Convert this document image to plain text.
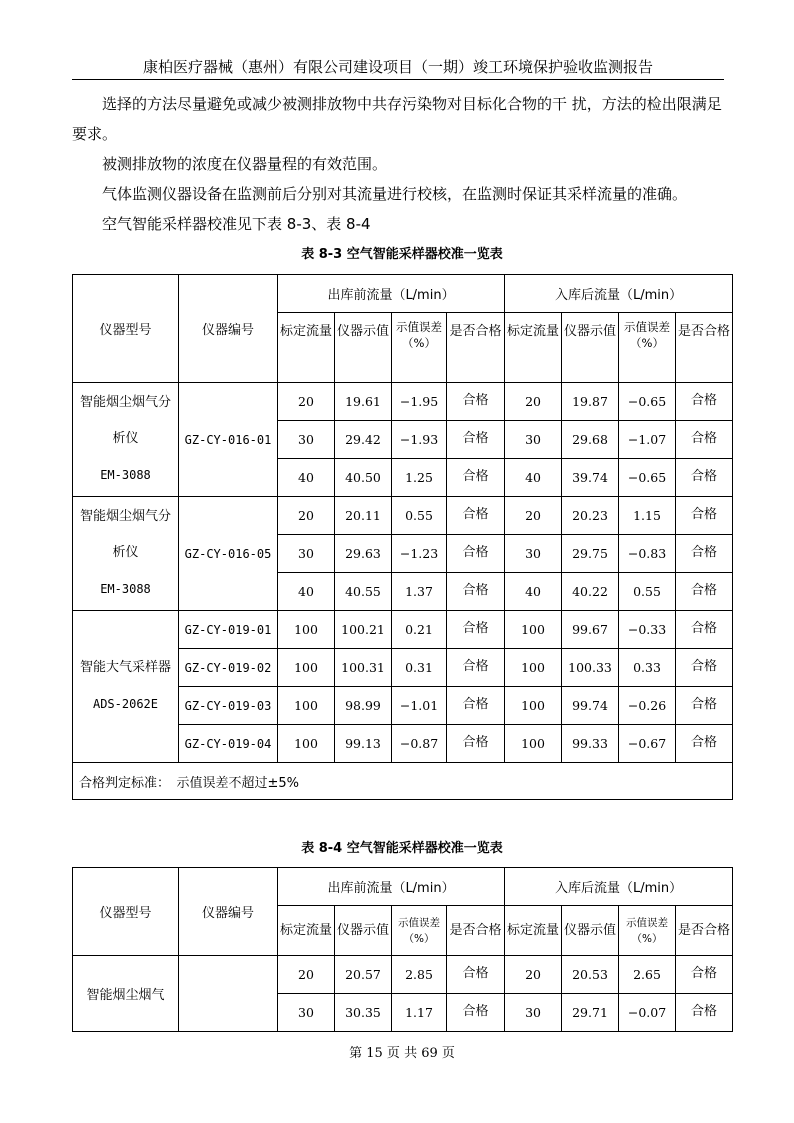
康柏医疗器械（惠州）有限公司建设项目（一期）竣工环境保护验收监测报告

选择的方法尽量避免或减少被测排放物中共存污染物对目标化合物的干 扰，方法的检出限满足要求。

被测排放物的浓度在仪器量程的有效范围。

气体监测仪器设备在监测前后分别对其流量进行校核，在监测时保证其采样流量的准确。

空气智能采样器校准见下表 8-3、表 8-4

表 8-3 空气智能采样器校准一览表
仪器型号	仪器编号	出库前流量（L/min）				入库后流量（L/min）			
		标定流量	仪器示值	示值误差（%）	是否合格	标定流量	仪器示值	示值误差（%）	是否合格
智能烟尘烟气分析仪
EM-3088	GZ-CY-016-01	20	19.61	−1.95	合格	20	19.87	−0.65	合格
		30	29.42	−1.93	合格	30	29.68	−1.07	合格
		40	40.50	1.25	合格	40	39.74	−0.65	合格
智能烟尘烟气分析仪
EM-3088	GZ-CY-016-05	20	20.11	0.55	合格	20	20.23	1.15	合格
		30	29.63	−1.23	合格	30	29.75	−0.83	合格
		40	40.55	1.37	合格	40	40.22	0.55	合格
智能大气采样器
ADS-2062E	GZ-CY-019-01	100	100.21	0.21	合格	100	99.67	−0.33	合格
	GZ-CY-019-02	100	100.31	0.31	合格	100	100.33	0.33	合格
	GZ-CY-019-03	100	98.99	−1.01	合格	100	99.74	−0.26	合格
	GZ-CY-019-04	100	99.13	−0.87	合格	100	99.33	−0.67	合格
合格判定标准：　示值误差不超过±5%									
表 8-4 空气智能采样器校准一览表
仪器型号	仪器编号	出库前流量（L/min）				入库后流量（L/min）			
		标定流量	仪器示值	示值误差（%）	是否合格	标定流量	仪器示值	示值误差（%）	是否合格
智能烟尘烟气		20	20.57	2.85	合格	20	20.53	2.65	合格
		30	30.35	1.17	合格	30	29.71	−0.07	合格
第 15 页 共 69 页
